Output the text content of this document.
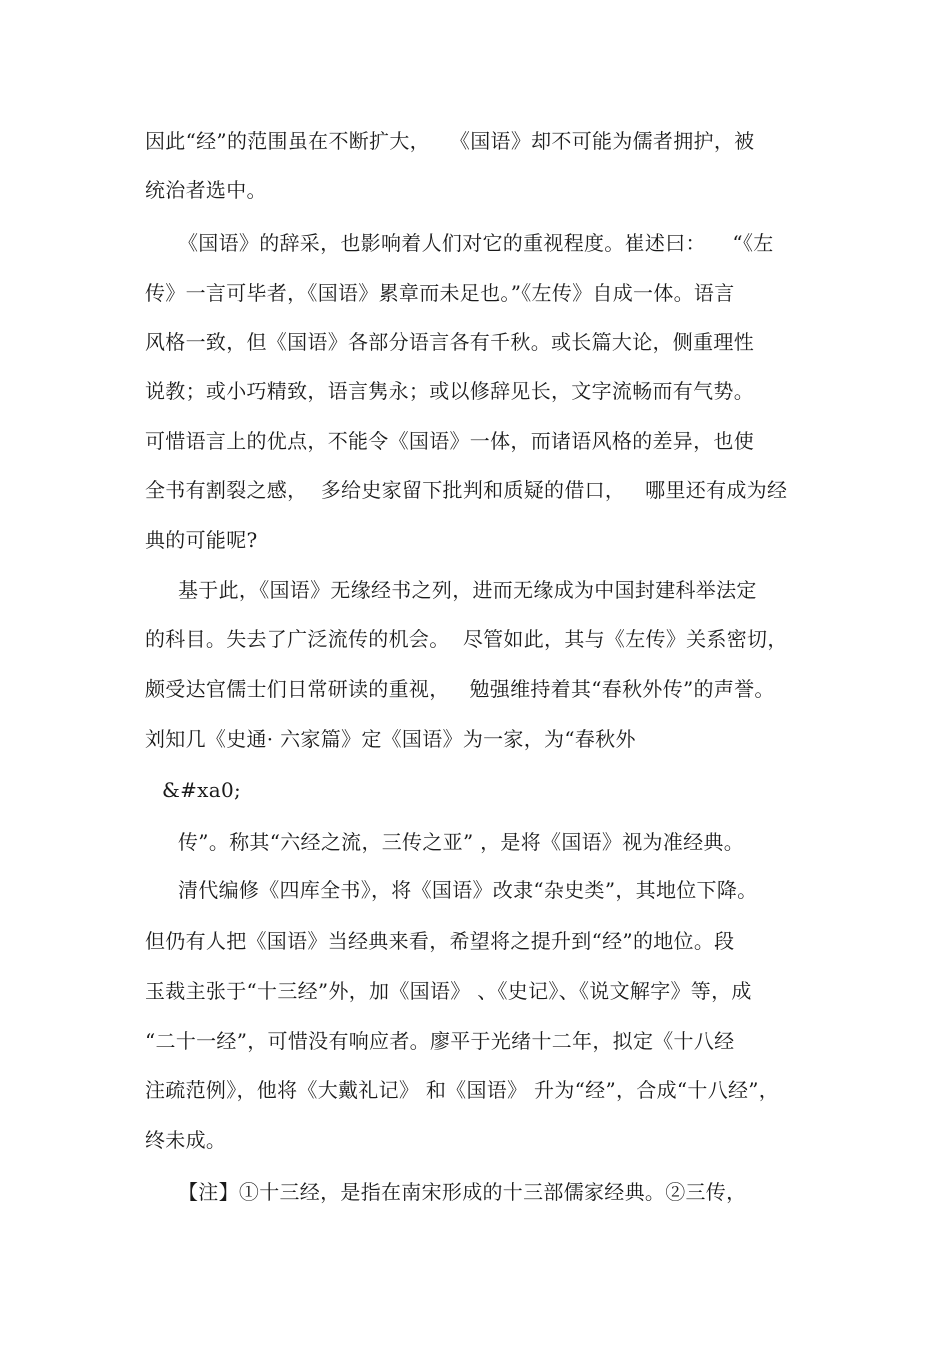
因此“经”的范围虽在不断扩大，   《国语》却不可能为儒者拥护，被
统治者选中。
《国语》的辞采，也影响着人们对它的重视程度。崔述曰：    “《左
传》一言可毕者，《国语》累章而未足也。”《左传》自成一体。语言
风格一致，但《国语》各部分语言各有千秋。或长篇大论，侧重理性
说教；或小巧精致，语言隽永；或以修辞见长，文字流畅而有气势。
可惜语言上的优点，不能令《国语》一体，而诸语风格的差异，也使
全书有割裂之感，  多给史家留下批判和质疑的借口，   哪里还有成为经
典的可能呢?
基于此，《国语》无缘经书之列，进而无缘成为中国封建科举法定
的科目。失去了广泛流传的机会。  尽管如此，其与《左传》关系密切，
颇受达官儒士们日常研读的重视，   勉强维持着其“春秋外传”的声誉。
刘知几《史通· 六家篇》定《国语》为一家，为“春秋外
&#xa0;
传”。称其“六经之流，三传之亚” ，是将《国语》视为准经典。
清代编修《四库全书》，将《国语》改隶“杂史类”，其地位下降。
但仍有人把《国语》当经典来看，希望将之提升到“经”的地位。段
玉裁主张于“十三经”外，加《国语》 、《史记》、《说文解字》等，成
“二十一经”，可惜没有响应者。廖平于光绪十二年，拟定《十八经
注疏范例》，他将《大戴礼记》 和《国语》 升为“经”，合成“十八经”，
终未成。
【注】①十三经，是指在南宋形成的十三部儒家经典。②三传，
